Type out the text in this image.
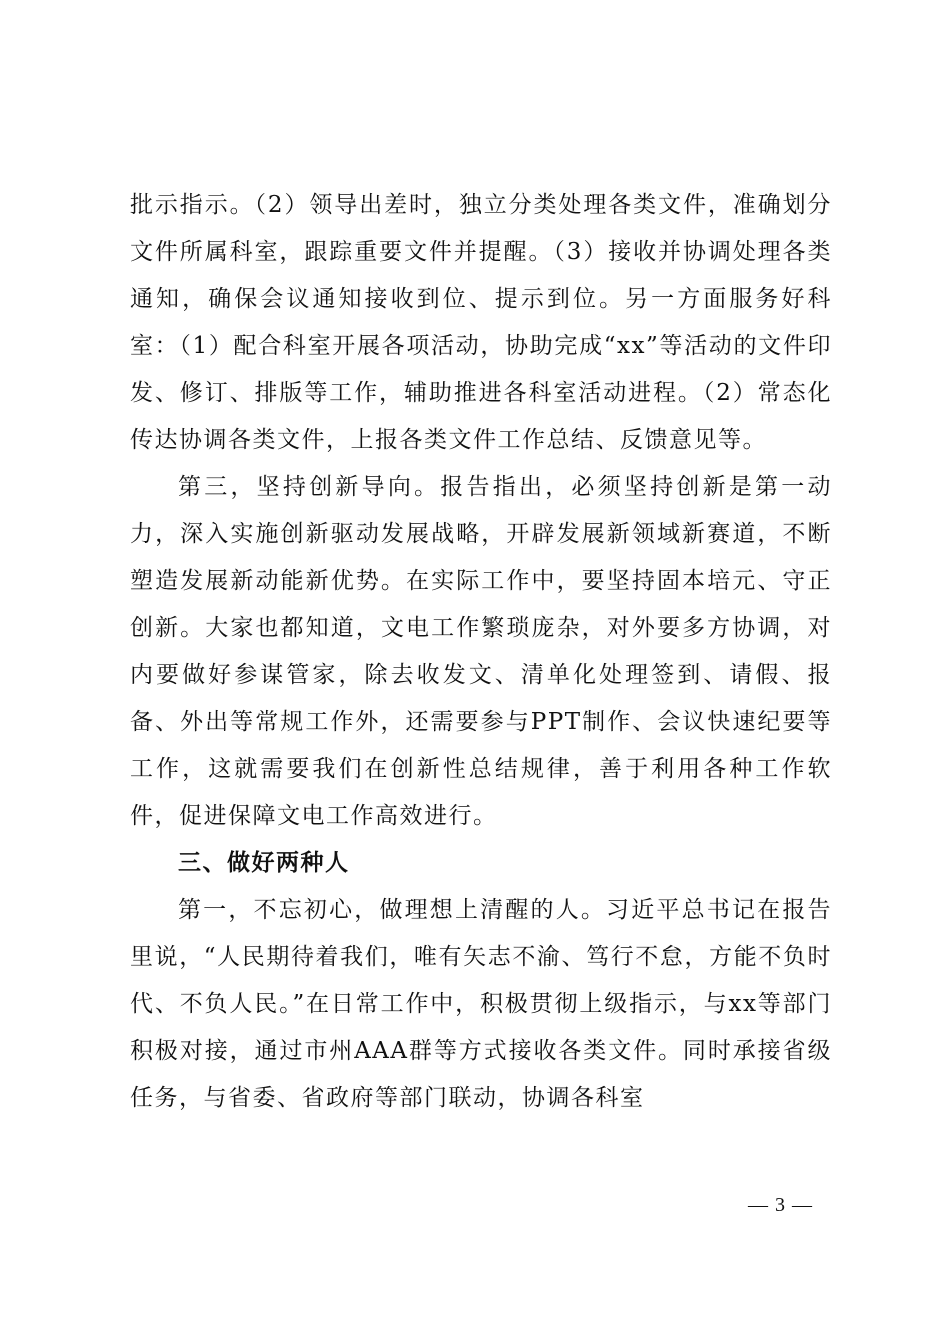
批示指示。（2）领导出差时，独立分类处理各类文件，准确划分文件所属科室，跟踪重要文件并提醒。（3）接收并协调处理各类通知，确保会议通知接收到位、提示到位。另一方面服务好科室：（1）配合科室开展各项活动，协助完成“xx”等活动的文件印发、修订、排版等工作，辅助推进各科室活动进程。（2）常态化传达协调各类文件，上报各类文件工作总结、反馈意见等。

第三，坚持创新导向。报告指出，必须坚持创新是第一动力，深入实施创新驱动发展战略，开辟发展新领域新赛道，不断塑造发展新动能新优势。在实际工作中，要坚持固本培元、守正创新。大家也都知道，文电工作繁琐庞杂，对外要多方协调，对内要做好参谋管家，除去收发文、清单化处理签到、请假、报备、外出等常规工作外，还需要参与PPT制作、会议快速纪要等工作，这就需要我们在创新性总结规律，善于利用各种工作软件，促进保障文电工作高效进行。

三、做好两种人

第一，不忘初心，做理想上清醒的人。习近平总书记在报告里说，“人民期待着我们，唯有矢志不渝、笃行不怠，方能不负时代、不负人民。”在日常工作中，积极贯彻上级指示，与xx等部门积极对接，通过市州AAA群等方式接收各类文件。同时承接省级任务，与省委、省政府等部门联动，协调各科室

— 3 —
